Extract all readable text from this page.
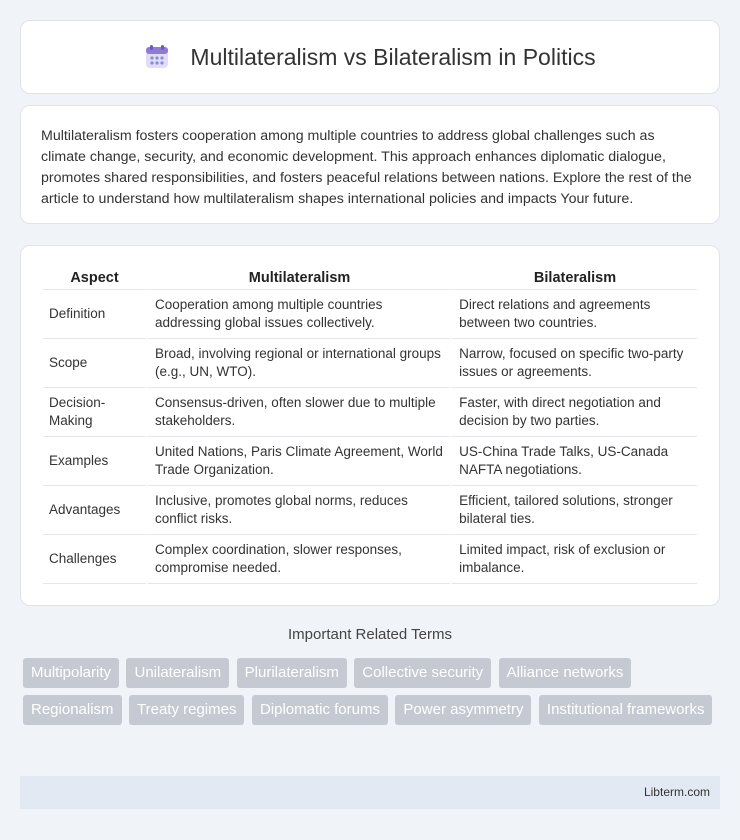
Multilateralism vs Bilateralism in Politics

Multilateralism fosters cooperation among multiple countries to address global challenges such as climate change, security, and economic development. This approach enhances diplomatic dialogue, promotes shared responsibilities, and fosters peaceful relations between nations. Explore the rest of the article to understand how multilateralism shapes international policies and impacts Your future.

Aspect	Multilateralism	Bilateralism
Definition	Cooperation among multiple countries addressing global issues collectively.	Direct relations and agreements between two countries.
Scope	Broad, involving regional or international groups (e.g., UN, WTO).	Narrow, focused on specific two-party issues or agreements.
Decision-Making	Consensus-driven, often slower due to multiple stakeholders.	Faster, with direct negotiation and decision by two parties.
Examples	United Nations, Paris Climate Agreement, World Trade Organization.	US-China Trade Talks, US-Canada NAFTA negotiations.
Advantages	Inclusive, promotes global norms, reduces conflict risks.	Efficient, tailored solutions, stronger bilateral ties.
Challenges	Complex coordination, slower responses, compromise needed.	Limited impact, risk of exclusion or imbalance.
Important Related Terms
Multipolarity Unilateralism Plurilateralism Collective security Alliance networks Regionalism Treaty regimes Diplomatic forums Power asymmetry Institutional frameworks
Libterm.com
